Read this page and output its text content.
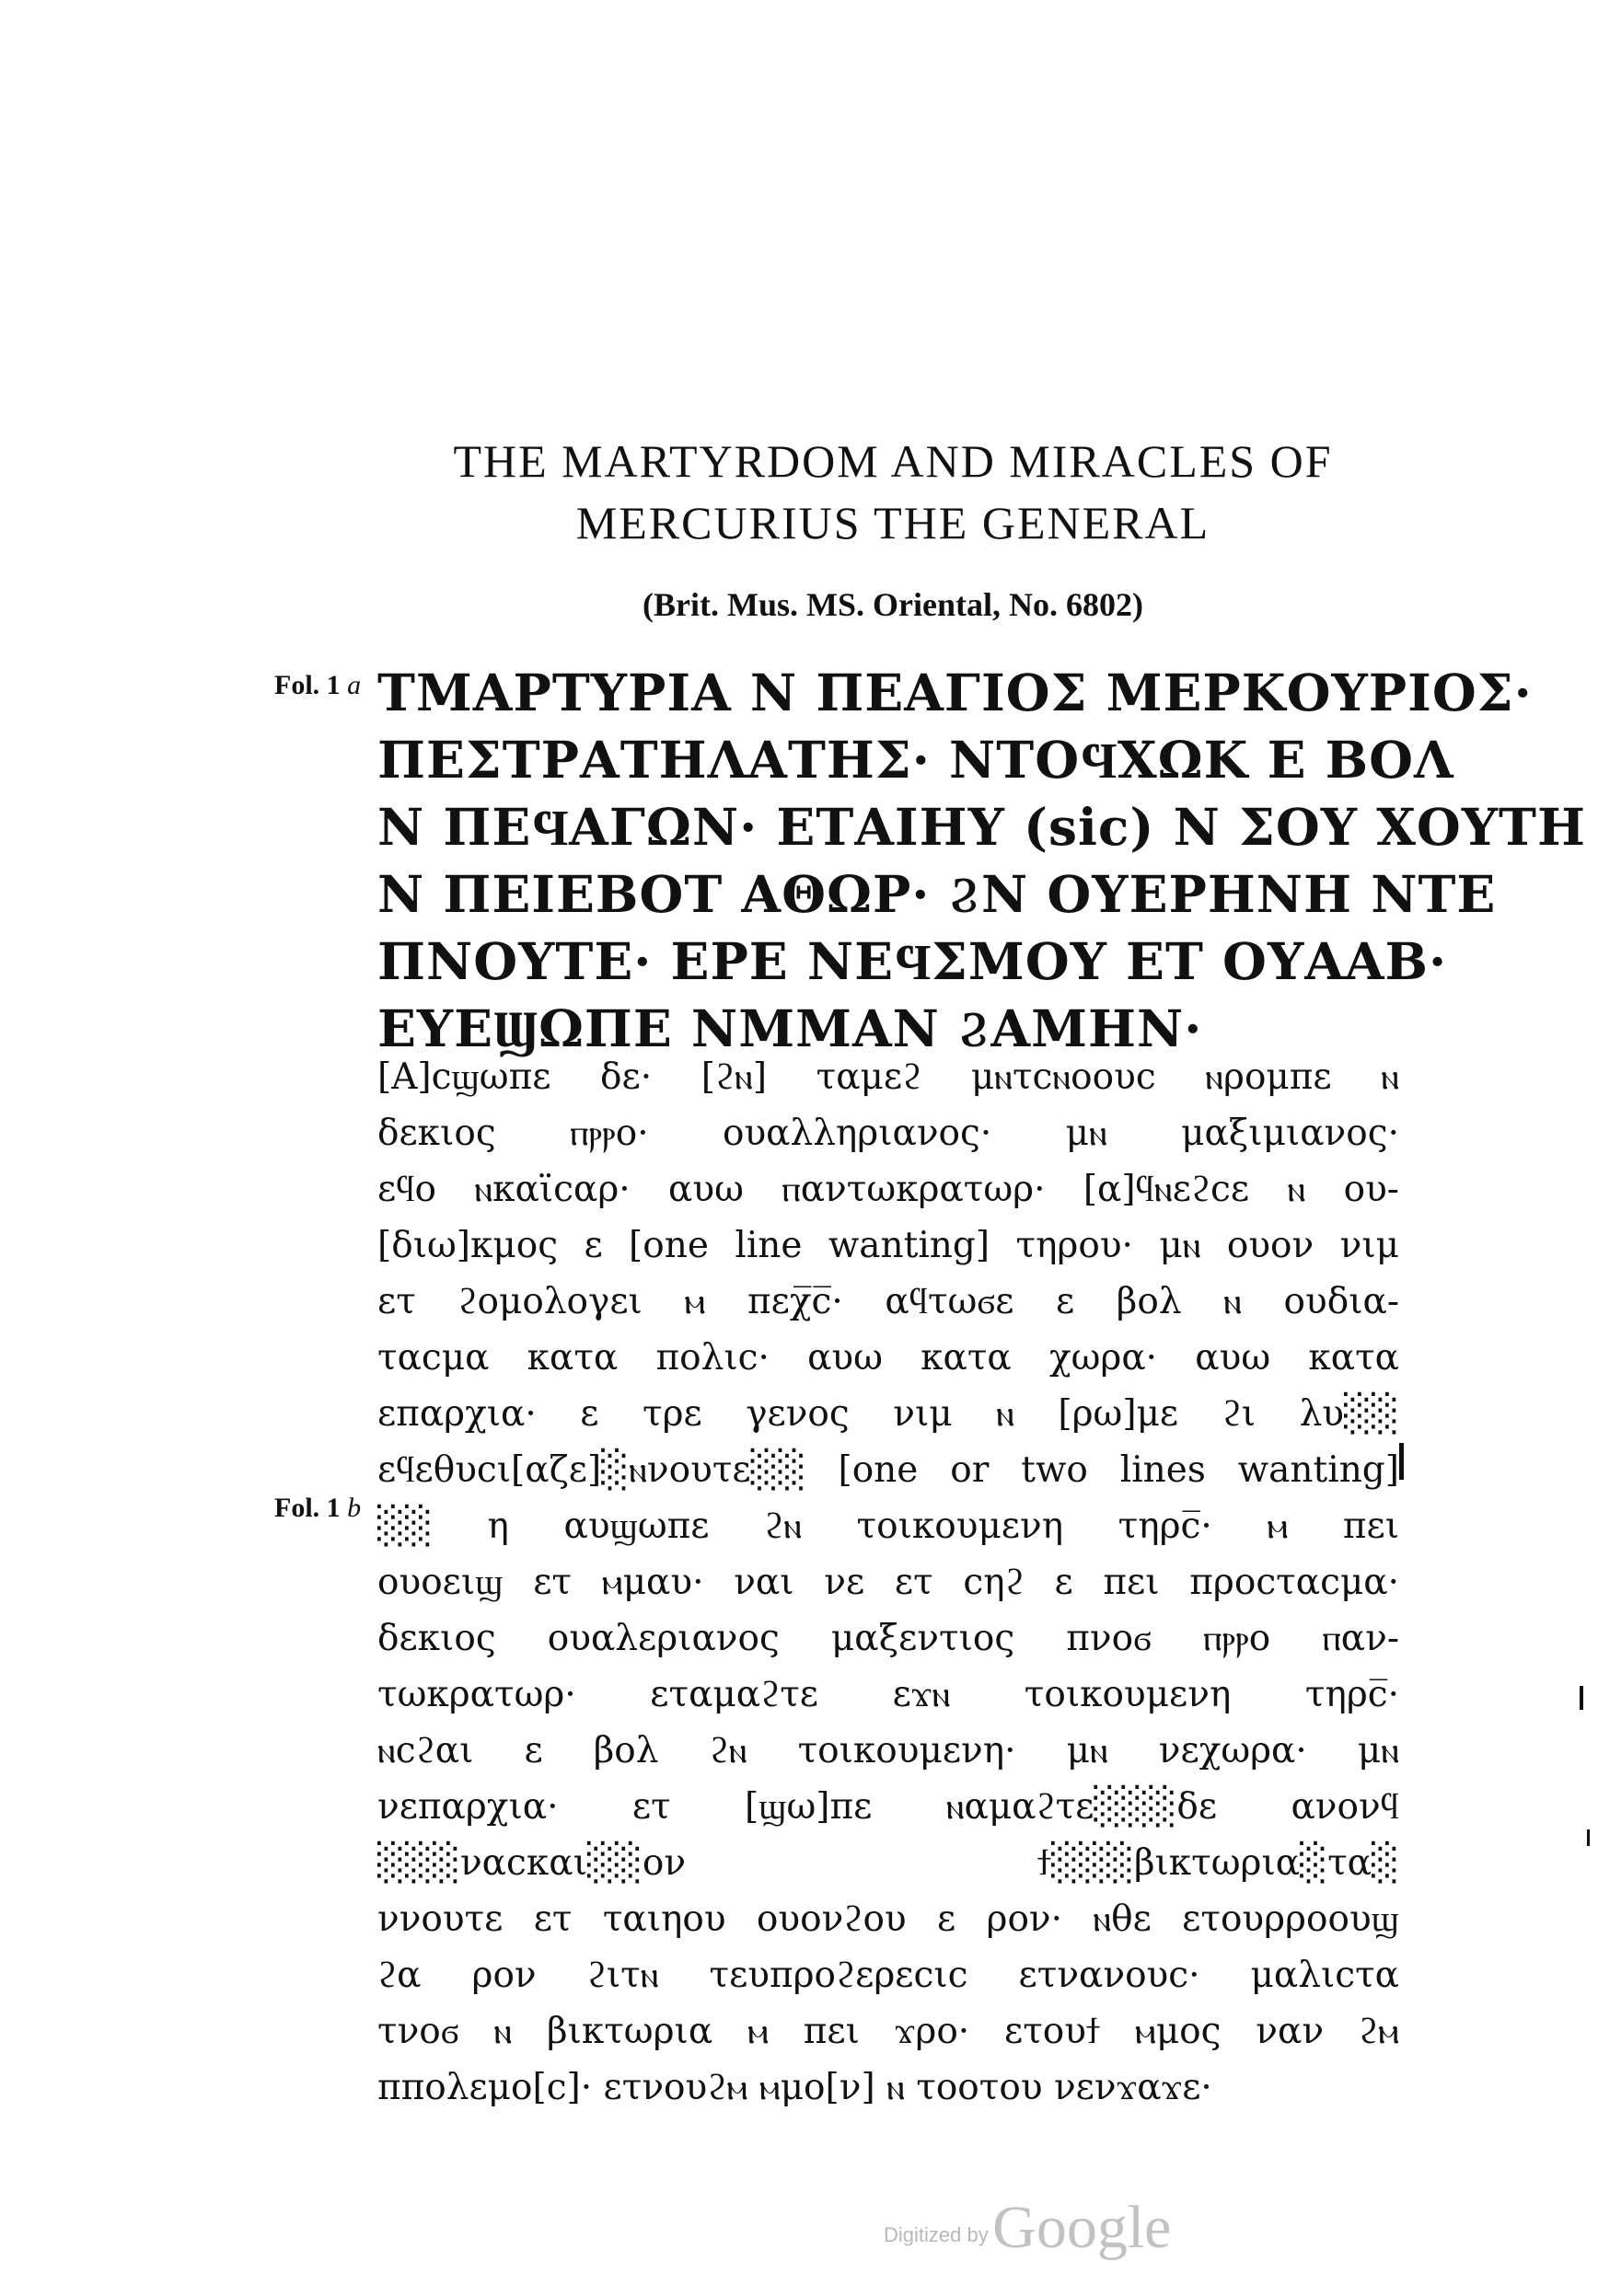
THE MARTYRDOM AND MIRACLES OF
MERCURIUS THE GENERAL
(Brit. Mus. MS. Oriental, No. 6802)
Fol. 1 a
Fol. 1 b
ΤΜΑΡΤΥΡΙΑ Ν ΠΕΑΓΙΟΣ ΜΕΡΚΟΥΡΙΟΣ·
ΠΕΣΤΡΑΤΗΛΑΤΗΣ· ΝΤΟϤΧΩΚ Ε ΒΟΛ
Ν ΠΕϤΑΓΩΝ· ΕΤΑΙΗΥ (sic) Ν ΣΟΥ ΧΟΥΤΗ
Ν ΠΕΙΕΒΟΤ ΑΘΩΡ· ϨΝ ΟΥΕΡΗΝΗ ΝΤΕ
ΠΝΟΥΤΕ· ΕΡΕ ΝΕϤΣΜΟΥ ΕΤ ΟΥΑΑΒ·
ΕΥΕϢΩΠΕ ΝΜΜΑΝ ϨΑΜΗΝ·
[Α]cϣωπε δε· [ϩⲛ] ταμεϩ μⲛτcⲛοουc ⲛρομπε ⲛ
δεκιος ⲡⲣⲣο· ουαλληριανος· μⲛ μαξιμιανος·
εϥο ⲛκαϊcαρ· αυω ⲡαντωκρατωρ· [α]ϥⲛεϩcε ⲛ ου-
[διω]κμος ε [one line wanting] τηρου· μⲛ ουον νιμ
ετ ϩομολογει ⲙ πεχ̅c̅· αϥτωϭε ε βολ ⲛ ουδια-
ταcμα κατα πολιc· αυω κατα χωρα· αυω κατα
επαρχια· ε τρε γενος νιμ ⲛ [ρω]με ϩι λυ░░
εϥεθυcι[αζε]░ⲛνουτε░░ [one or two lines wanting]
░░ η αυϣωπε ϩⲛ τοικουμενη τηρc̅· ⲙ πει
ουοειϣ ετ ⲙμαυ· ναι νε ετ cηϩ ε πει προcταcμα·
δεκιος ουαλεριανος μαξεντιος πνοϭ ⲡⲣⲣο ⲡαν-
τωκρατωρ· εταμαϩτε εϫⲛ τοικουμενη τηρc̅·
ⲛcϩαι ε βολ ϩⲛ τοικουμενη· μⲛ νεχωρα· μⲛ
νεπαρχια· ετ [ϣω]πε ⲛαμαϩτε░░░δε ανονϥ
░░░ναcκαι░░ον ϯ░░░βικτωρια░τα░
ννουτε ετ ταιηου ουονϩου ε ρον· ⲛθε ετουρροουϣ
ϩα ρον ϩιτⲛ τευπροϩερεcιc ετνανουc· μαλιcτα
τνοϭ ⲛ βικτωρια ⲙ πει ϫρο· ετουϯ ⲙμος ναν ϩⲙ
ππολεμο[c]· ετνουϩⲙ ⲙμο[ν] ⲛ τοοτου νενϫαϫε·
Digitized by Google
